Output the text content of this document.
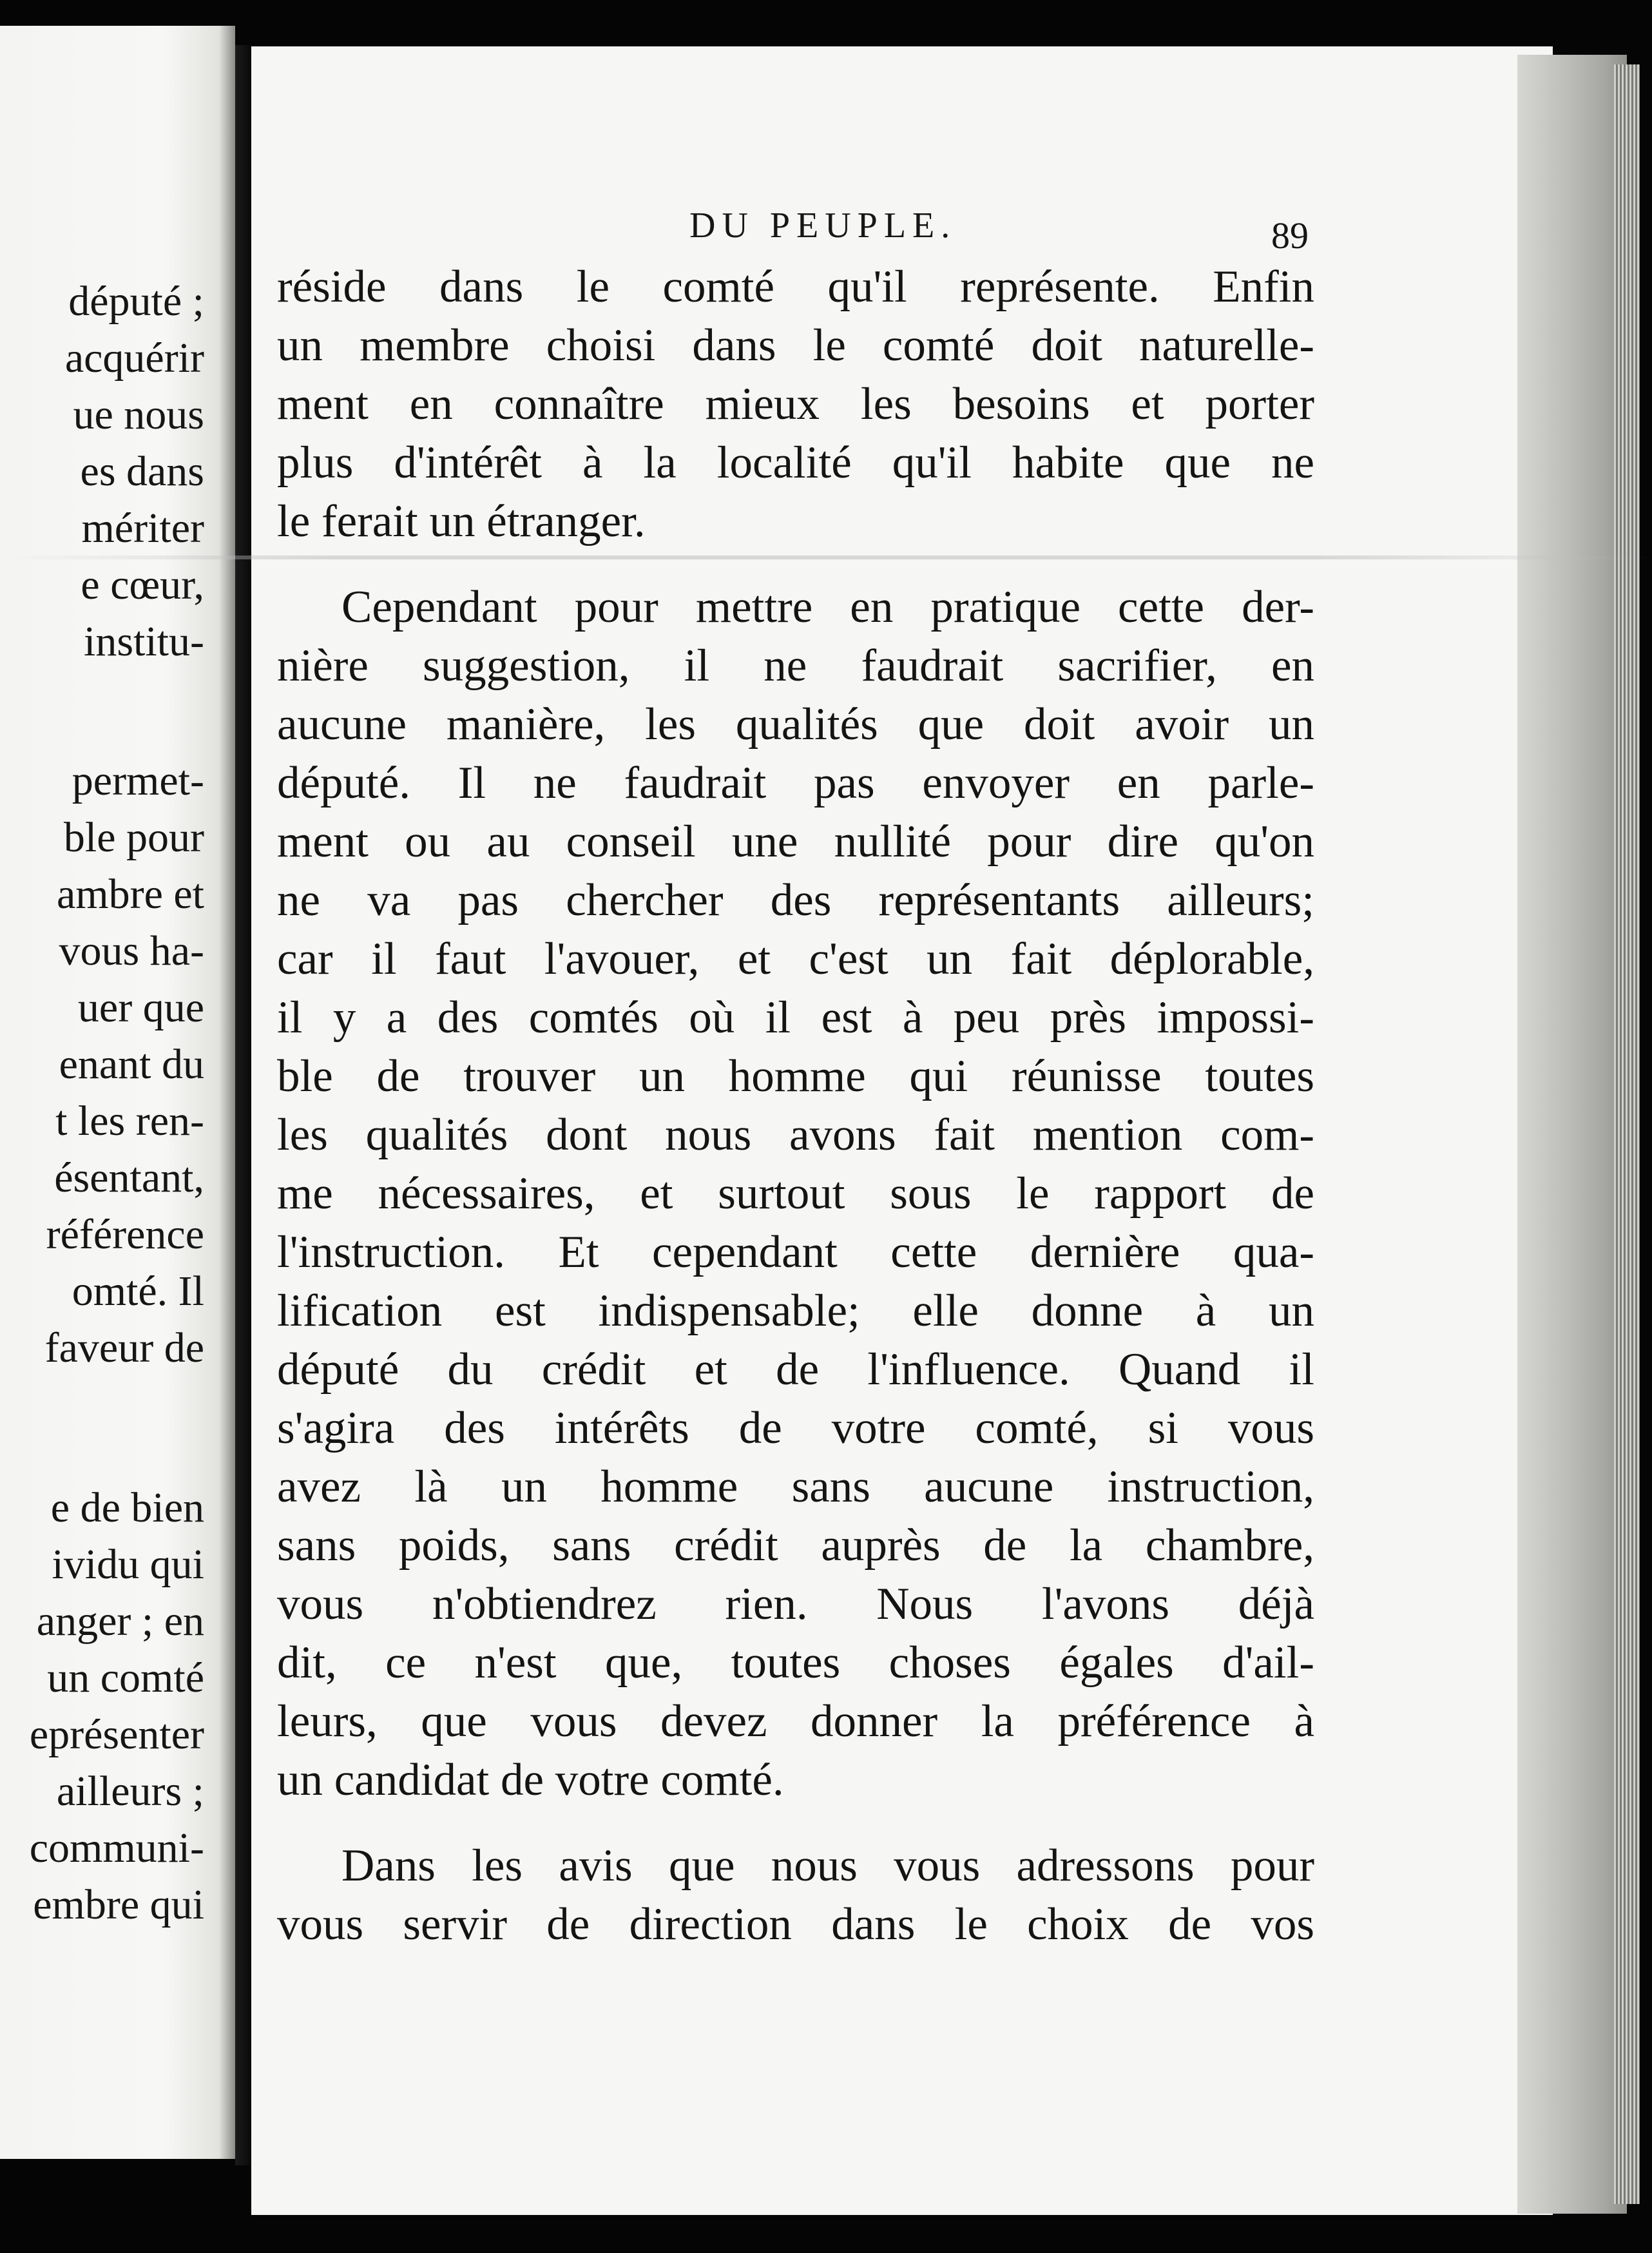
député ;
acquérir
ue nous
es dans
mériter
e cœur,
institu-
permet-
ble pour
ambre et
vous ha-
uer que
enant du
t les ren-
ésentant,
référence
omté. Il
faveur de
e de bien
ividu qui
anger ; en
un comté
eprésenter
ailleurs ;
communi-
embre qui
DU PEUPLE.	89
réside dans le comté qu'il représente. Enfin
un membre choisi dans le comté doit naturelle-
ment en connaître mieux les besoins et porter
plus d'intérêt à la localité qu'il habite que ne
le ferait un étranger.
Cependant pour mettre en pratique cette der-
nière suggestion, il ne faudrait sacrifier, en
aucune manière, les qualités que doit avoir un
député. Il ne faudrait pas envoyer en parle-
ment ou au conseil une nullité pour dire qu'on
ne va pas chercher des représentants ailleurs;
car il faut l'avouer, et c'est un fait déplorable,
il y a des comtés où il est à peu près impossi-
ble de trouver un homme qui réunisse toutes
les qualités dont nous avons fait mention com-
me nécessaires, et surtout sous le rapport de
l'instruction. Et cependant cette dernière qua-
lification est indispensable; elle donne à un
député du crédit et de l'influence. Quand il
s'agira des intérêts de votre comté, si vous
avez là un homme sans aucune instruction,
sans poids, sans crédit auprès de la chambre,
vous n'obtiendrez rien. Nous l'avons déjà
dit, ce n'est que, toutes choses égales d'ail-
leurs, que vous devez donner la préférence à
un candidat de votre comté.
Dans les avis que nous vous adressons pour
vous servir de direction dans le choix de vos
